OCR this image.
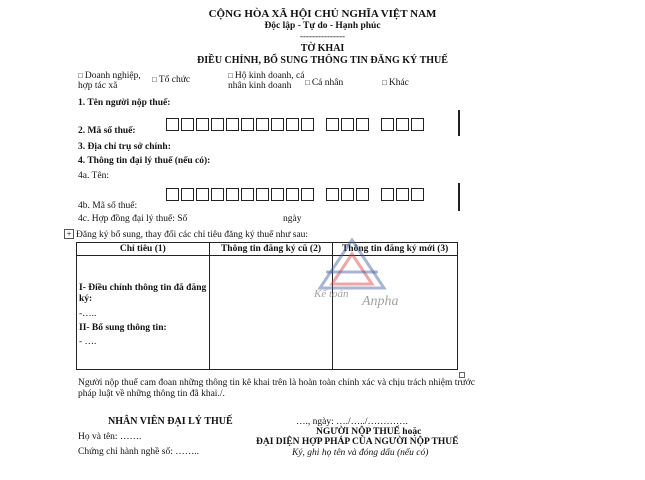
CỘNG HÒA XÃ HỘI CHỦ NGHĨA VIỆT NAM
Độc lập - Tự do - Hạnh phúc
---------------
TỜ KHAI
ĐIỀU CHỈNH, BỔ SUNG THÔNG TIN ĐĂNG KÝ THUẾ
□ Doanh nghiệp,
hợp tác xã
□ Tổ chức	□ Hộ kinh doanh, cá
nhân kinh doanh	□ Cá nhân	□ Khác
1. Tên người nộp thuế:
2. Mã số thuế:
3. Địa chỉ trụ sở chính:
4. Thông tin đại lý thuế (nếu có):
4a. Tên:
4b. Mã số thuế:
4c. Hợp đồng đại lý thuế: Số	ngày
+ Đăng ký bổ sung, thay đổi các chỉ tiêu đăng ký thuế như sau:
Chỉ tiêu (1)	Thông tin đăng ký cũ (2)	Thông tin đăng ký mới (3)

I- Điều chỉnh thông tin đã đăng ký:
-…..
II- Bổ sung thông tin:
- ….		

Kế toán Anpha
Người nộp thuế cam đoan những thông tin kê khai trên là hoàn toàn chính xác và chịu trách nhiệm trước
pháp luật về những thông tin đã khai./.
NHÂN VIÊN ĐẠI LÝ THUẾ
Họ và tên: …….
Chứng chỉ hành nghề số: ……..
…., ngày: …./…../………….
NGƯỜI NỘP THUẾ hoặc
ĐẠI DIỆN HỢP PHÁP CỦA NGƯỜI NỘP THUẾ
Ký, ghi họ tên và đóng dấu (nếu có)
